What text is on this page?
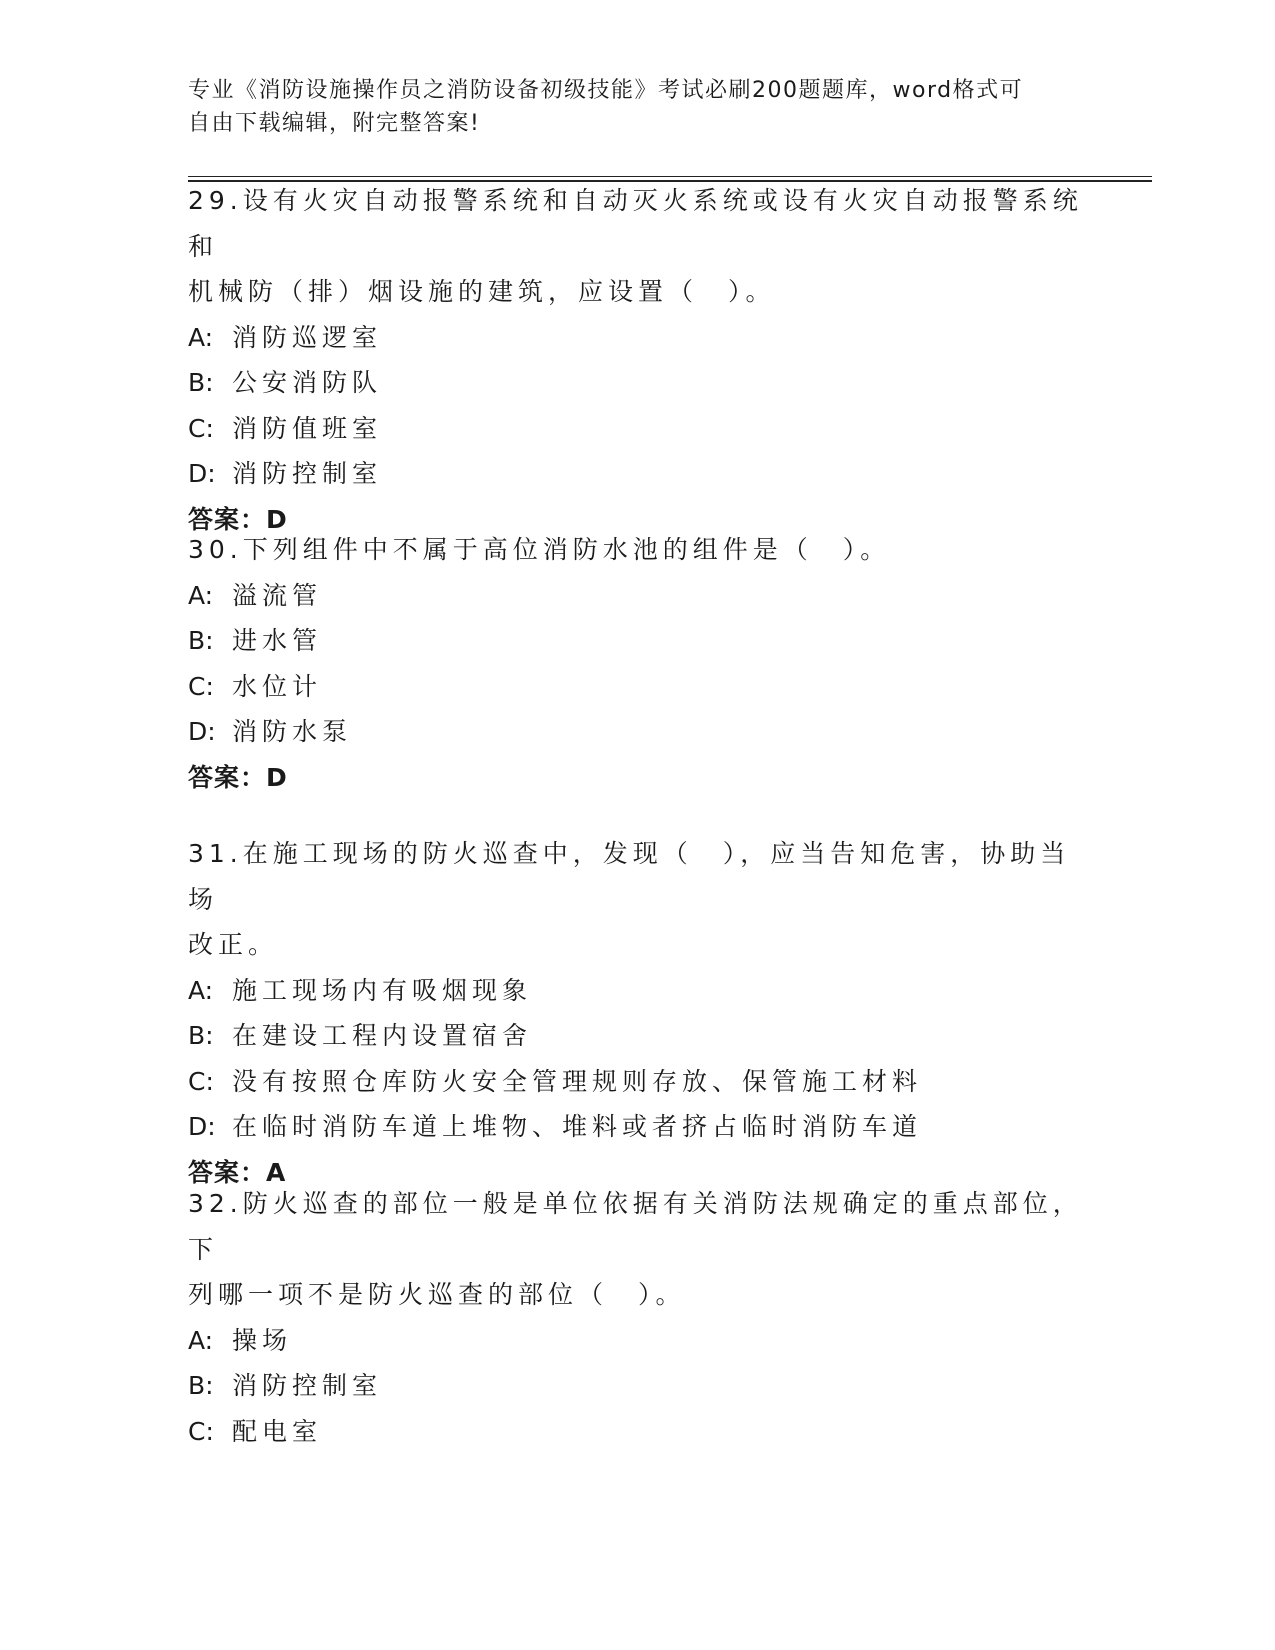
专业《消防设施操作员之消防设备初级技能》考试必刷200题题库，word格式可
自由下载编辑，附完整答案!

29.设有火灾自动报警系统和自动灭火系统或设有火灾自动报警系统和

机械防（排）烟设施的建筑，应设置（　）。

A: 消防巡逻室

B: 公安消防队

C: 消防值班室

D: 消防控制室

答案：D

30.下列组件中不属于高位消防水池的组件是（　）。

A: 溢流管

B: 进水管

C: 水位计

D: 消防水泵

答案：D

31.在施工现场的防火巡查中，发现（　），应当告知危害，协助当场

改正。

A: 施工现场内有吸烟现象

B: 在建设工程内设置宿舍

C: 没有按照仓库防火安全管理规则存放、保管施工材料

D: 在临时消防车道上堆物、堆料或者挤占临时消防车道

答案：A

32.防火巡查的部位一般是单位依据有关消防法规确定的重点部位，下

列哪一项不是防火巡查的部位（　）。

A: 操场

B: 消防控制室

C: 配电室
